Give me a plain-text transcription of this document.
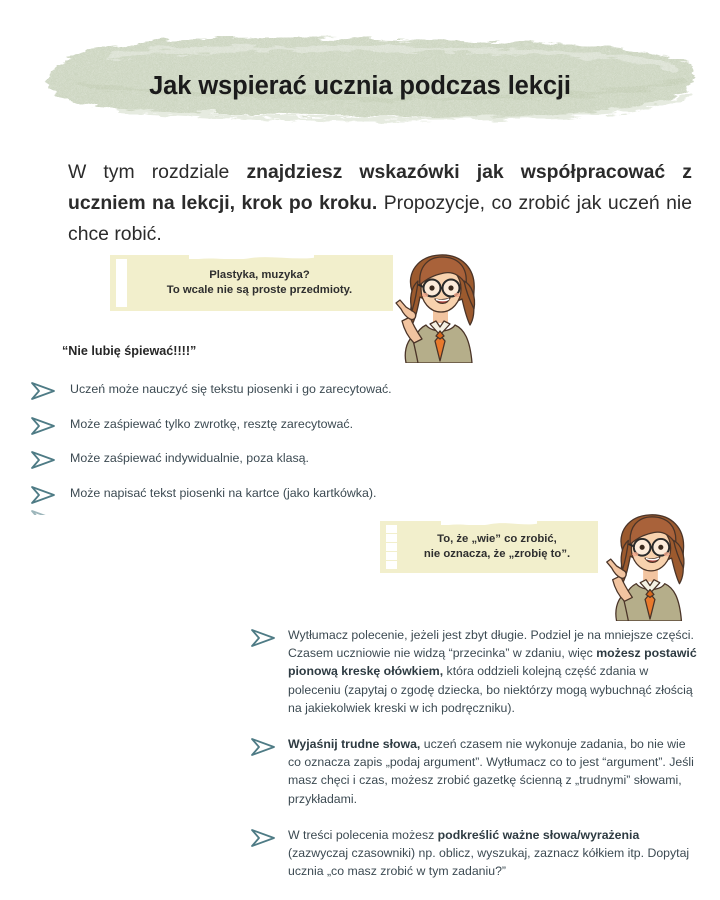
Jak wspierać ucznia podczas lekcji
W tym rozdziale znajdziesz wskazówki jak współpracować z uczniem na lekcji, krok po kroku. Propozycje, co zrobić jak uczeń nie chce robić.
Plastyka, muzyka?
To wcale nie są proste przedmioty.
“Nie lubię śpiewać!!!!”
Uczeń może nauczyć się tekstu piosenki i go zarecytować.
Może zaśpiewać tylko zwrotkę, resztę zarecytować.
Może zaśpiewać indywidualnie, poza klasą.
Może napisać tekst piosenki na kartce (jako kartkówka).
To, że „wie” co zrobić,
nie oznacza, że „zrobię to”.
Wytłumacz polecenie, jeżeli jest zbyt długie. Podziel je na mniejsze części. Czasem uczniowie nie widzą “przecinka” w zdaniu, więc możesz postawić pionową kreskę ołówkiem, która oddzieli kolejną część zdania w poleceniu (zapytaj o zgodę dziecka, bo niektórzy mogą wybuchnąć złością na jakiekolwiek kreski w ich podręczniku).
Wyjaśnij trudne słowa, uczeń czasem nie wykonuje zadania, bo nie wie co oznacza zapis „podaj argument”. Wytłumacz co to jest “argument”. Jeśli masz chęci i czas, możesz zrobić gazetkę ścienną z „trudnymi” słowami, przykładami.
W treści polecenia możesz podkreślić ważne słowa/wyrażenia (zazwyczaj czasowniki) np. oblicz, wyszukaj, zaznacz kółkiem itp. Dopytaj ucznia „co masz zrobić w tym zadaniu?”
